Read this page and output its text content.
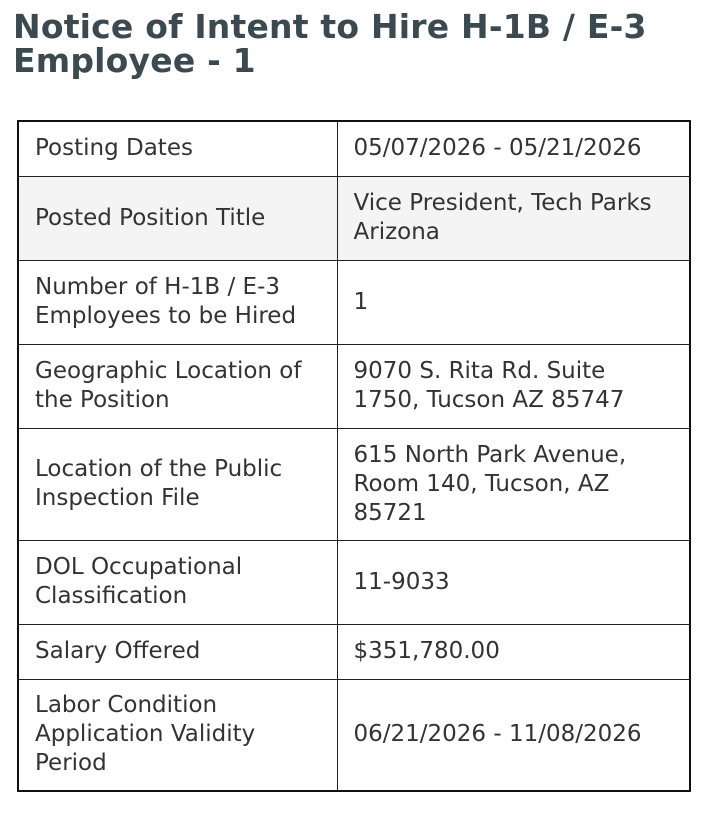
Notice of Intent to Hire H-1B / E-3 Employee - 1
Posting Dates	05/07/2026 - 05/21/2026
Posted Position Title	Vice President, Tech Parks Arizona
Number of H-1B / E-3 Employees to be Hired	1
Geographic Location of the Position	9070 S. Rita Rd. Suite 1750, Tucson AZ 85747
Location of the Public Inspection File	615 North Park Avenue, Room 140, Tucson, AZ 85721
DOL Occupational Classification	11-9033
Salary Offered	$351,780.00
Labor Condition Application Validity Period	06/21/2026 - 11/08/2026
